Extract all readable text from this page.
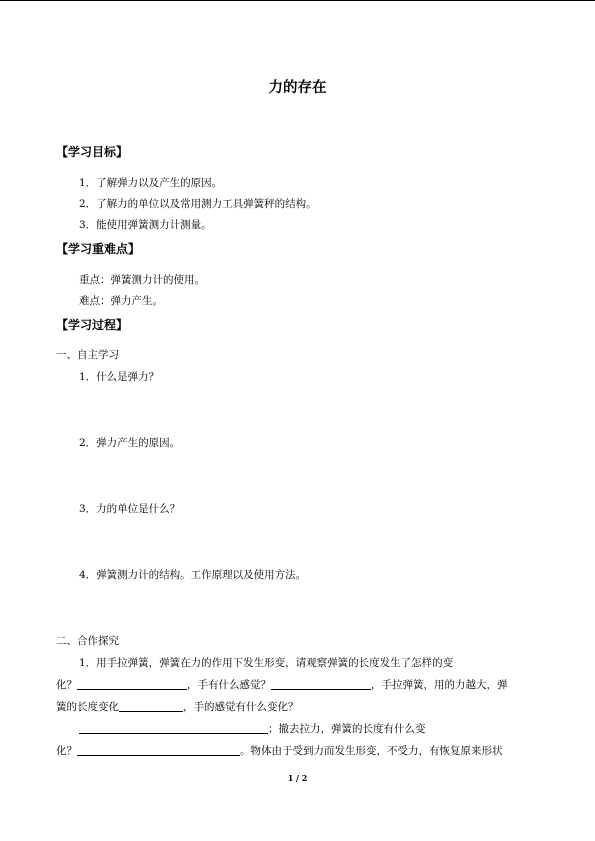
力的存在
【学习目标】
1．了解弹力以及产生的原因。
2．了解力的单位以及常用测力工具弹簧秤的结构。
3．能使用弹簧测力计测量。
【学习重难点】
重点：弹簧测力计的使用。
难点：弹力产生。
【学习过程】
一、自主学习
1．什么是弹力？
2．弹力产生的原因。
3．力的单位是什么？
4．弹簧测力计的结构。工作原理以及使用方法。
二、合作探究
1．用手拉弹簧，弹簧在力的作用下发生形变，请观察弹簧的长度发生了怎样的变
化？	，手有什么感觉？	，手拉弹簧，用的力越大，弹
簧的长度变化	，手的感觉有什么变化？
；撤去拉力，弹簧的长度有什么变
化？	。物体由于受到力而发生形变，不受力，有恢复原来形状
1 / 2
